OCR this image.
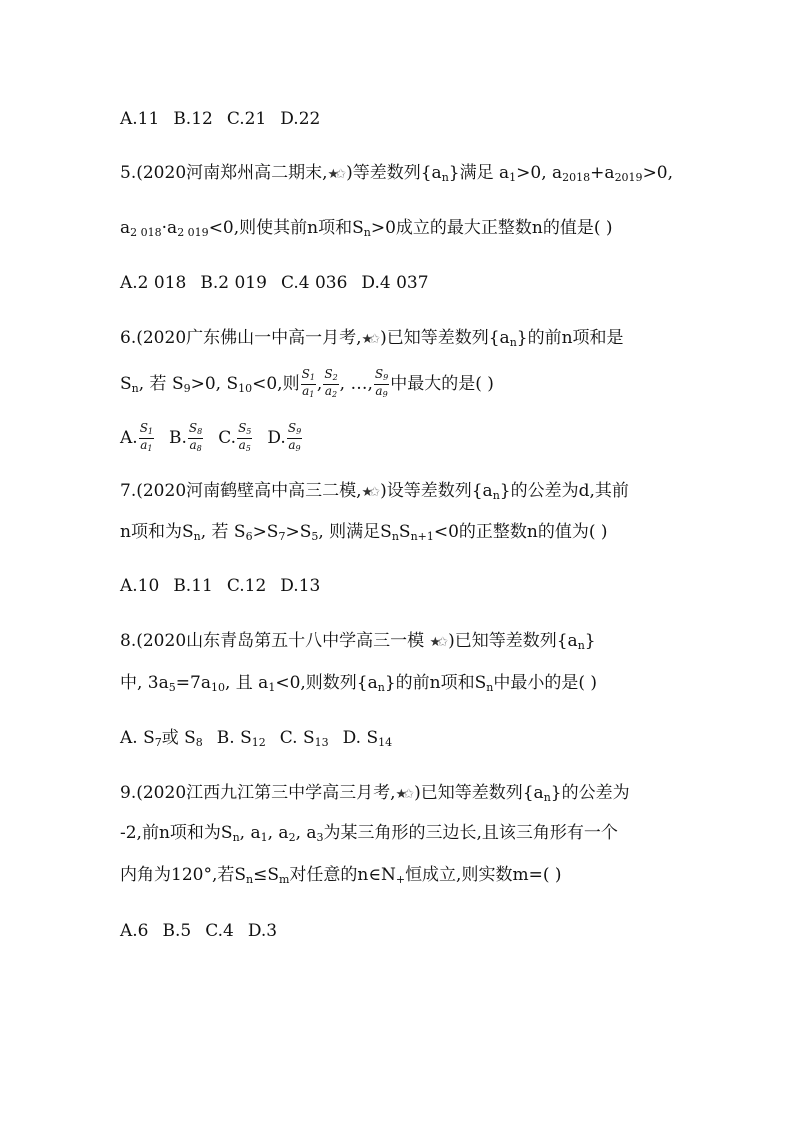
A.11 B.12 C.21 D.22
5.(2020河南郑州高二期末,★✩ )等差数列$\{a_n\}$满足 $a_1>0$, $a_{2018}+a_{2019}>0$,
$a_{2 018}\cdot a_{2 019}<0$,则使其前n项和$S_n>0$成立的最大正整数n的值是( )
A.2 018 B.2 019 C.4 036 D.4 037
6.(2020广东佛山一中高一月考,★✩ )已知等差数列$\{a_n\}$的前n项和是
$S_n$, 若 $S_9>0$, $S_{10}<0$,则 $\frac{S_1}{a_1}$ , $\frac{S_2}{a_2}$ , …, $\frac{S_9}{a_9}$ 中最大的是( )
A. $\frac{S_1}{a_1} B$. $\frac{S_8}{a_8} C$. $\frac{S_5}{a_5} D$. $\frac{S_9}{a_9}$
7.(2020河南鹤壁高中高三二模,★✩ )设等差数列$\{a_n\}$的公差为d,其前
n项和为$S_n$, 若 $S_6>S_7>S_5$, 则满足$S_nS_{n+1}<0$的正整数n的值为( )
A.10 B.11 C.12 D.13
8.(2020山东青岛第五十八中学高三一模 ★✩ )已知等差数列$\{a_n\}$
中, $3a_5=7a_{10}$, 且 $a_1<0$,则数列$\{a_n\}$的前n项和$S_n$中最小的是( )
A. $S_7$或 $S_8$ B. $S_{12}$ C. $S_{13}$ D. $S_{14}$
9.(2020江西九江第三中学高三月考,★✩ )已知等差数列$\{a_n\}$的公差为
-2,前n项和为$S_n$, $a_1$, $a_2$, $a_3$为某三角形的三边长,且该三角形有一个
内角为120°,若$S_n\le S_m$对任意的$n\in N_+$恒成立,则实数m=( )
A.6 B.5 C.4 D.3
